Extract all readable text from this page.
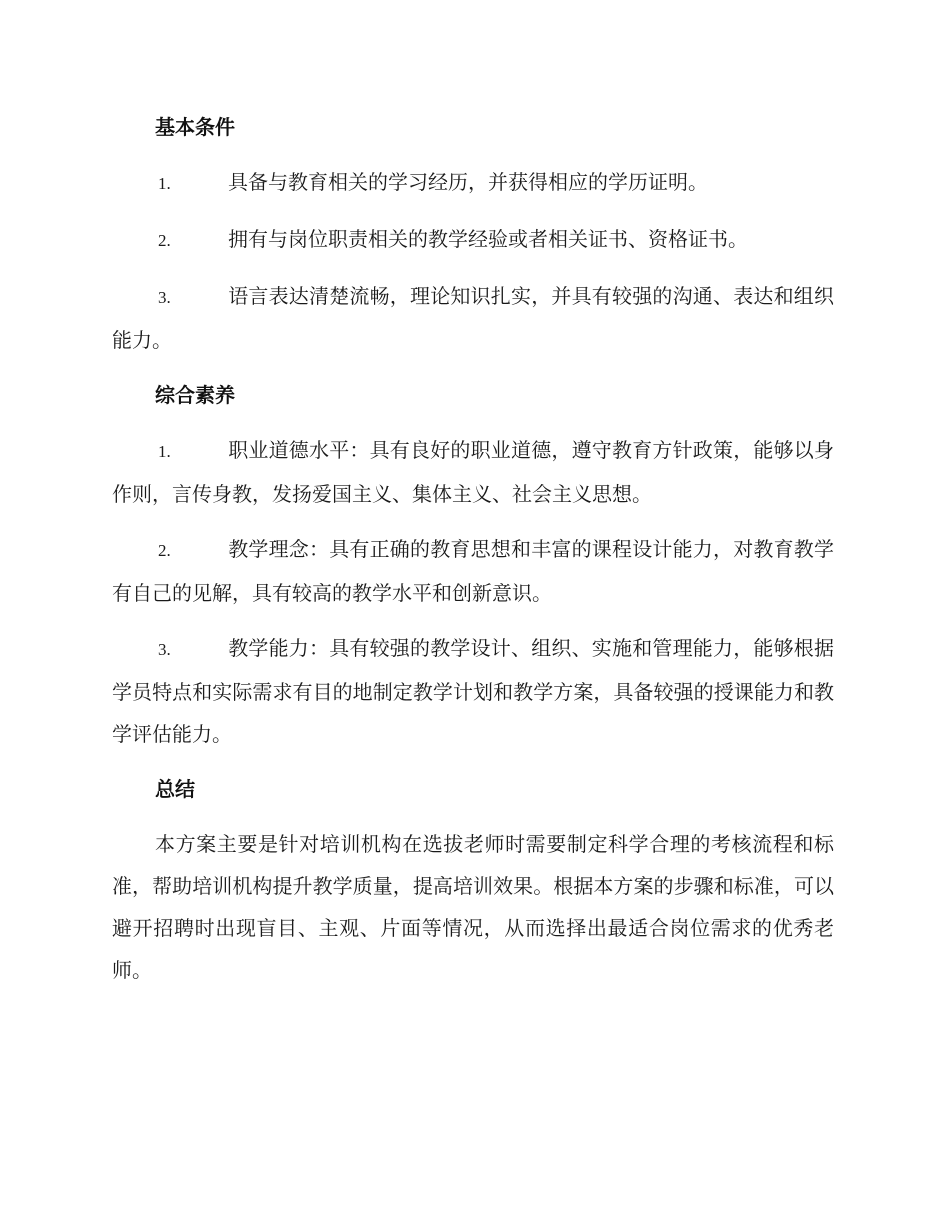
基本条件
1.	具备与教育相关的学习经历，并获得相应的学历证明。
2.	拥有与岗位职责相关的教学经验或者相关证书、资格证书。
3.	语言表达清楚流畅，理论知识扎实，并具有较强的沟通、表达和组织能力。
综合素养
1.	职业道德水平：具有良好的职业道德，遵守教育方针政策，能够以身作则，言传身教，发扬爱国主义、集体主义、社会主义思想。
2.	教学理念：具有正确的教育思想和丰富的课程设计能力，对教育教学有自己的见解，具有较高的教学水平和创新意识。
3.	教学能力：具有较强的教学设计、组织、实施和管理能力，能够根据学员特点和实际需求有目的地制定教学计划和教学方案，具备较强的授课能力和教学评估能力。
总结

本方案主要是针对培训机构在选拔老师时需要制定科学合理的考核流程和标准，帮助培训机构提升教学质量，提高培训效果。根据本方案的步骤和标准，可以避开招聘时出现盲目、主观、片面等情况，从而选择出最适合岗位需求的优秀老师。
